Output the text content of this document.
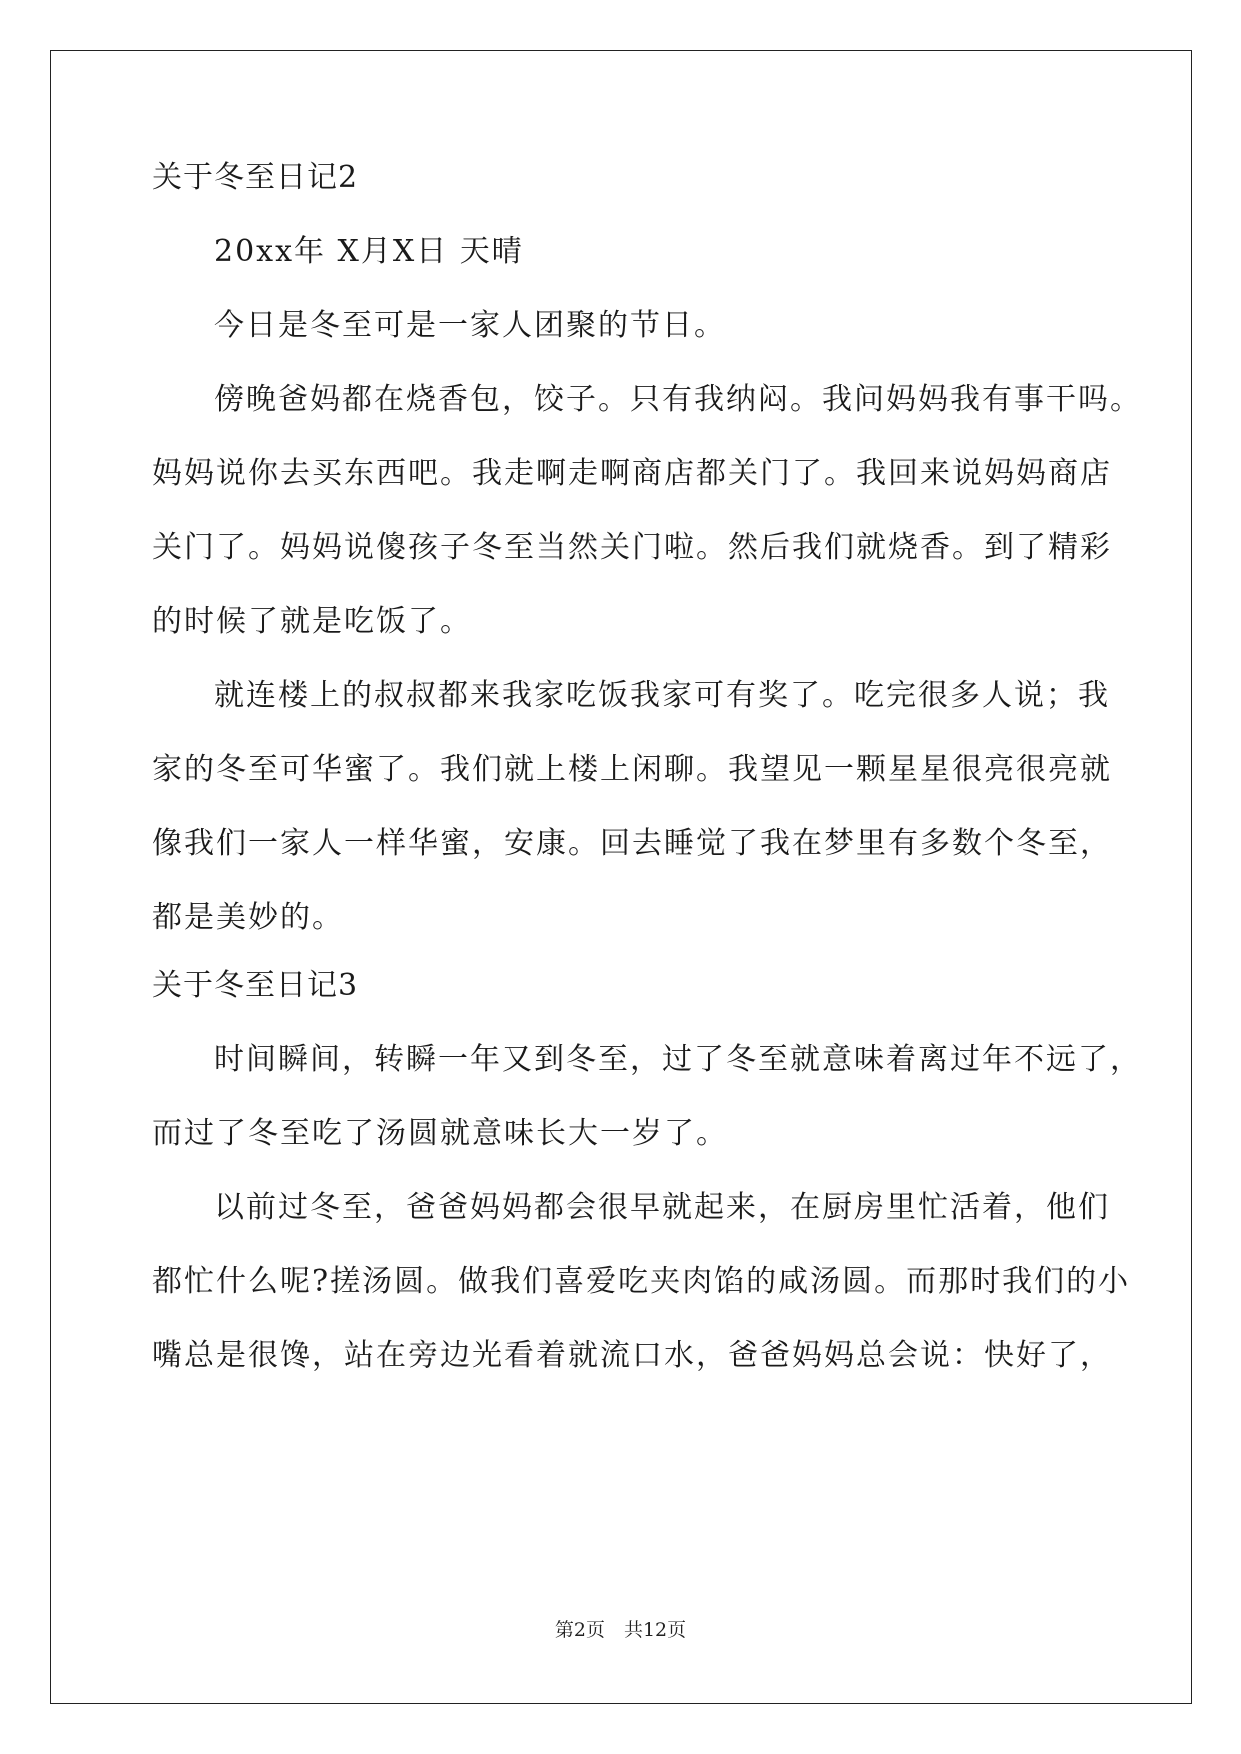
关于冬至日记2
20xx年 X月X日 天晴
今日是冬至可是一家人团聚的节日。
傍晚爸妈都在烧香包，饺子。只有我纳闷。我问妈妈我有事干吗。
妈妈说你去买东西吧。我走啊走啊商店都关门了。我回来说妈妈商店
关门了。妈妈说傻孩子冬至当然关门啦。然后我们就烧香。到了精彩
的时候了就是吃饭了。
就连楼上的叔叔都来我家吃饭我家可有奖了。吃完很多人说；我
家的冬至可华蜜了。我们就上楼上闲聊。我望见一颗星星很亮很亮就
像我们一家人一样华蜜，安康。回去睡觉了我在梦里有多数个冬至，
都是美妙的。
关于冬至日记3
时间瞬间，转瞬一年又到冬至，过了冬至就意味着离过年不远了，
而过了冬至吃了汤圆就意味长大一岁了。
以前过冬至，爸爸妈妈都会很早就起来，在厨房里忙活着，他们
都忙什么呢?搓汤圆。做我们喜爱吃夹肉馅的咸汤圆。而那时我们的小
嘴总是很馋，站在旁边光看着就流口水，爸爸妈妈总会说：快好了，
第2页　共12页
